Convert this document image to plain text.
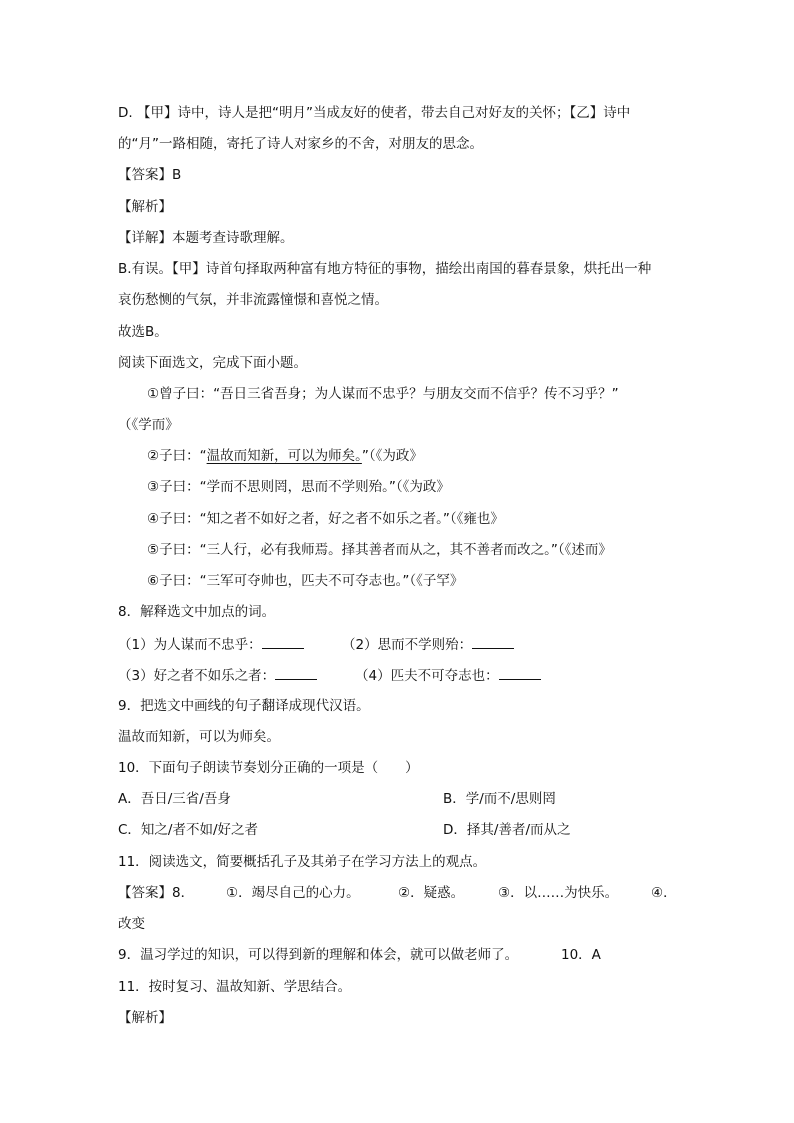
D. 【甲】诗中，诗人是把“明月”当成友好的使者，带去自己对好友的关怀；【乙】诗中
的“月”一路相随，寄托了诗人对家乡的不舍，对朋友的思念。
【答案】B
【解析】
【详解】本题考查诗歌理解。
B.有误。【甲】诗首句择取两种富有地方特征的事物，描绘出南国的暮春景象，烘托出一种
哀伤愁恻的气氛，并非流露憧憬和喜悦之情。
故选B。
阅读下面选文，完成下面小题。
①曾子曰：“吾日三省吾身；为人谋而不忠乎？与朋友交而不信乎？传不习乎？”
（《学而》
②子曰：“温故而知新，可以为师矣。”（《为政》
③子曰：“学而不思则罔，思而不学则殆。”（《为政》
④子曰：“知之者不如好之者，好之者不如乐之者。”（《雍也》
⑤子曰：“三人行，必有我师焉。择其善者而从之，其不善者而改之。”（《述而》
⑥子曰：“三军可夺帅也，匹夫不可夺志也。”（《子罕》
8．解释选文中加点的词。
（1）为人谋而不忠乎：	（2）思而不学则殆：
（3）好之者不如乐之者：	（4）匹夫不可夺志也：
9．把选文中画线的句子翻译成现代汉语。
温故而知新，可以为师矣。
10．下面句子朗读节奏划分正确的一项是（　　）
A．吾日/三省/吾身	B．学/而不/思则罔
C．知之/者不如/好之者	D．择其/善者/而从之
11．阅读选文，简要概括孔子及其弟子在学习方法上的观点。
【答案】8． ①．竭尽自己的心力。	②．疑惑。	③．以……为快乐。 ④．
改变
9．温习学过的知识，可以得到新的理解和体会，就可以做老师了。	10．A
11．按时复习、温故知新、学思结合。
【解析】
